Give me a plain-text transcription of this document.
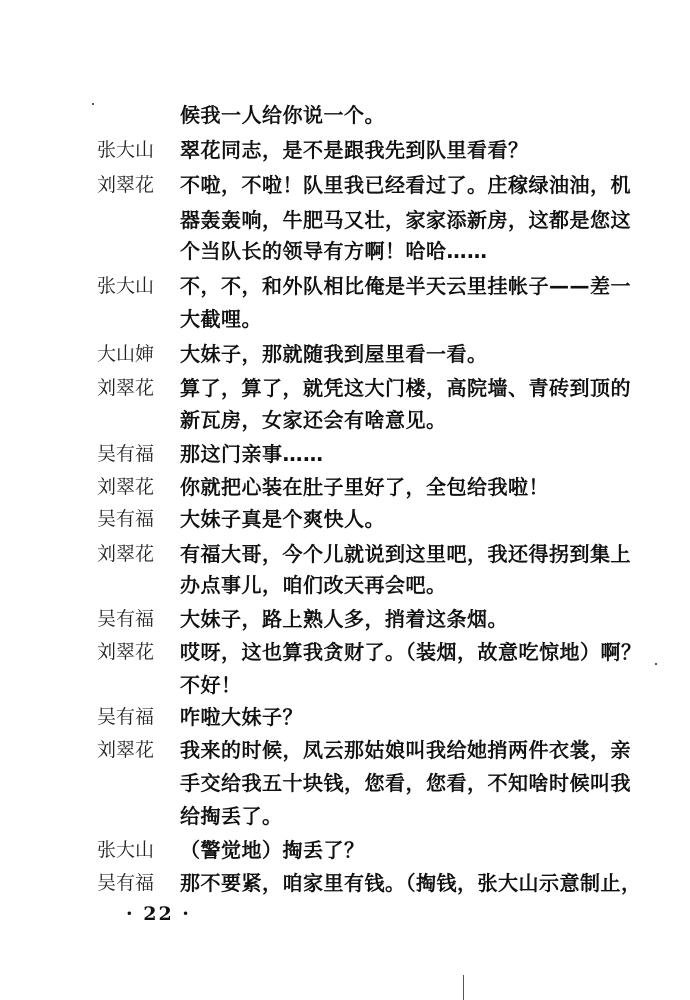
候我一人给你说一个。
张大山	翠花同志，是不是跟我先到队里看看？
刘翠花	不啦，不啦！队里我已经看过了。庄稼绿油油，机
器轰轰响，牛肥马又壮，家家添新房，这都是您这
个当队长的领导有方啊！哈哈……
张大山	不，不，和外队相比俺是半天云里挂帐子——差一
大截哩。
大山婶	大妹子，那就随我到屋里看一看。
刘翠花	算了，算了，就凭这大门楼，高院墙、青砖到顶的
新瓦房，女家还会有啥意见。
吴有福	那这门亲事……
刘翠花	你就把心装在肚子里好了，全包给我啦！
吴有福	大妹子真是个爽快人。
刘翠花	有福大哥，今个儿就说到这里吧，我还得拐到集上
办点事儿，咱们改天再会吧。
吴有福	大妹子，路上熟人多，捎着这条烟。
刘翠花	哎呀，这也算我贪财了。（装烟，故意吃惊地）啊？
不好！
吴有福	咋啦大妹子？
刘翠花	我来的时候，凤云那姑娘叫我给她捎两件衣裳，亲
手交给我五十块钱，您看，您看，不知啥时候叫我
给掏丢了。
张大山	（警觉地）掏丢了？
吴有福	那不要紧，咱家里有钱。（掏钱，张大山示意制止，
· 22 ·
